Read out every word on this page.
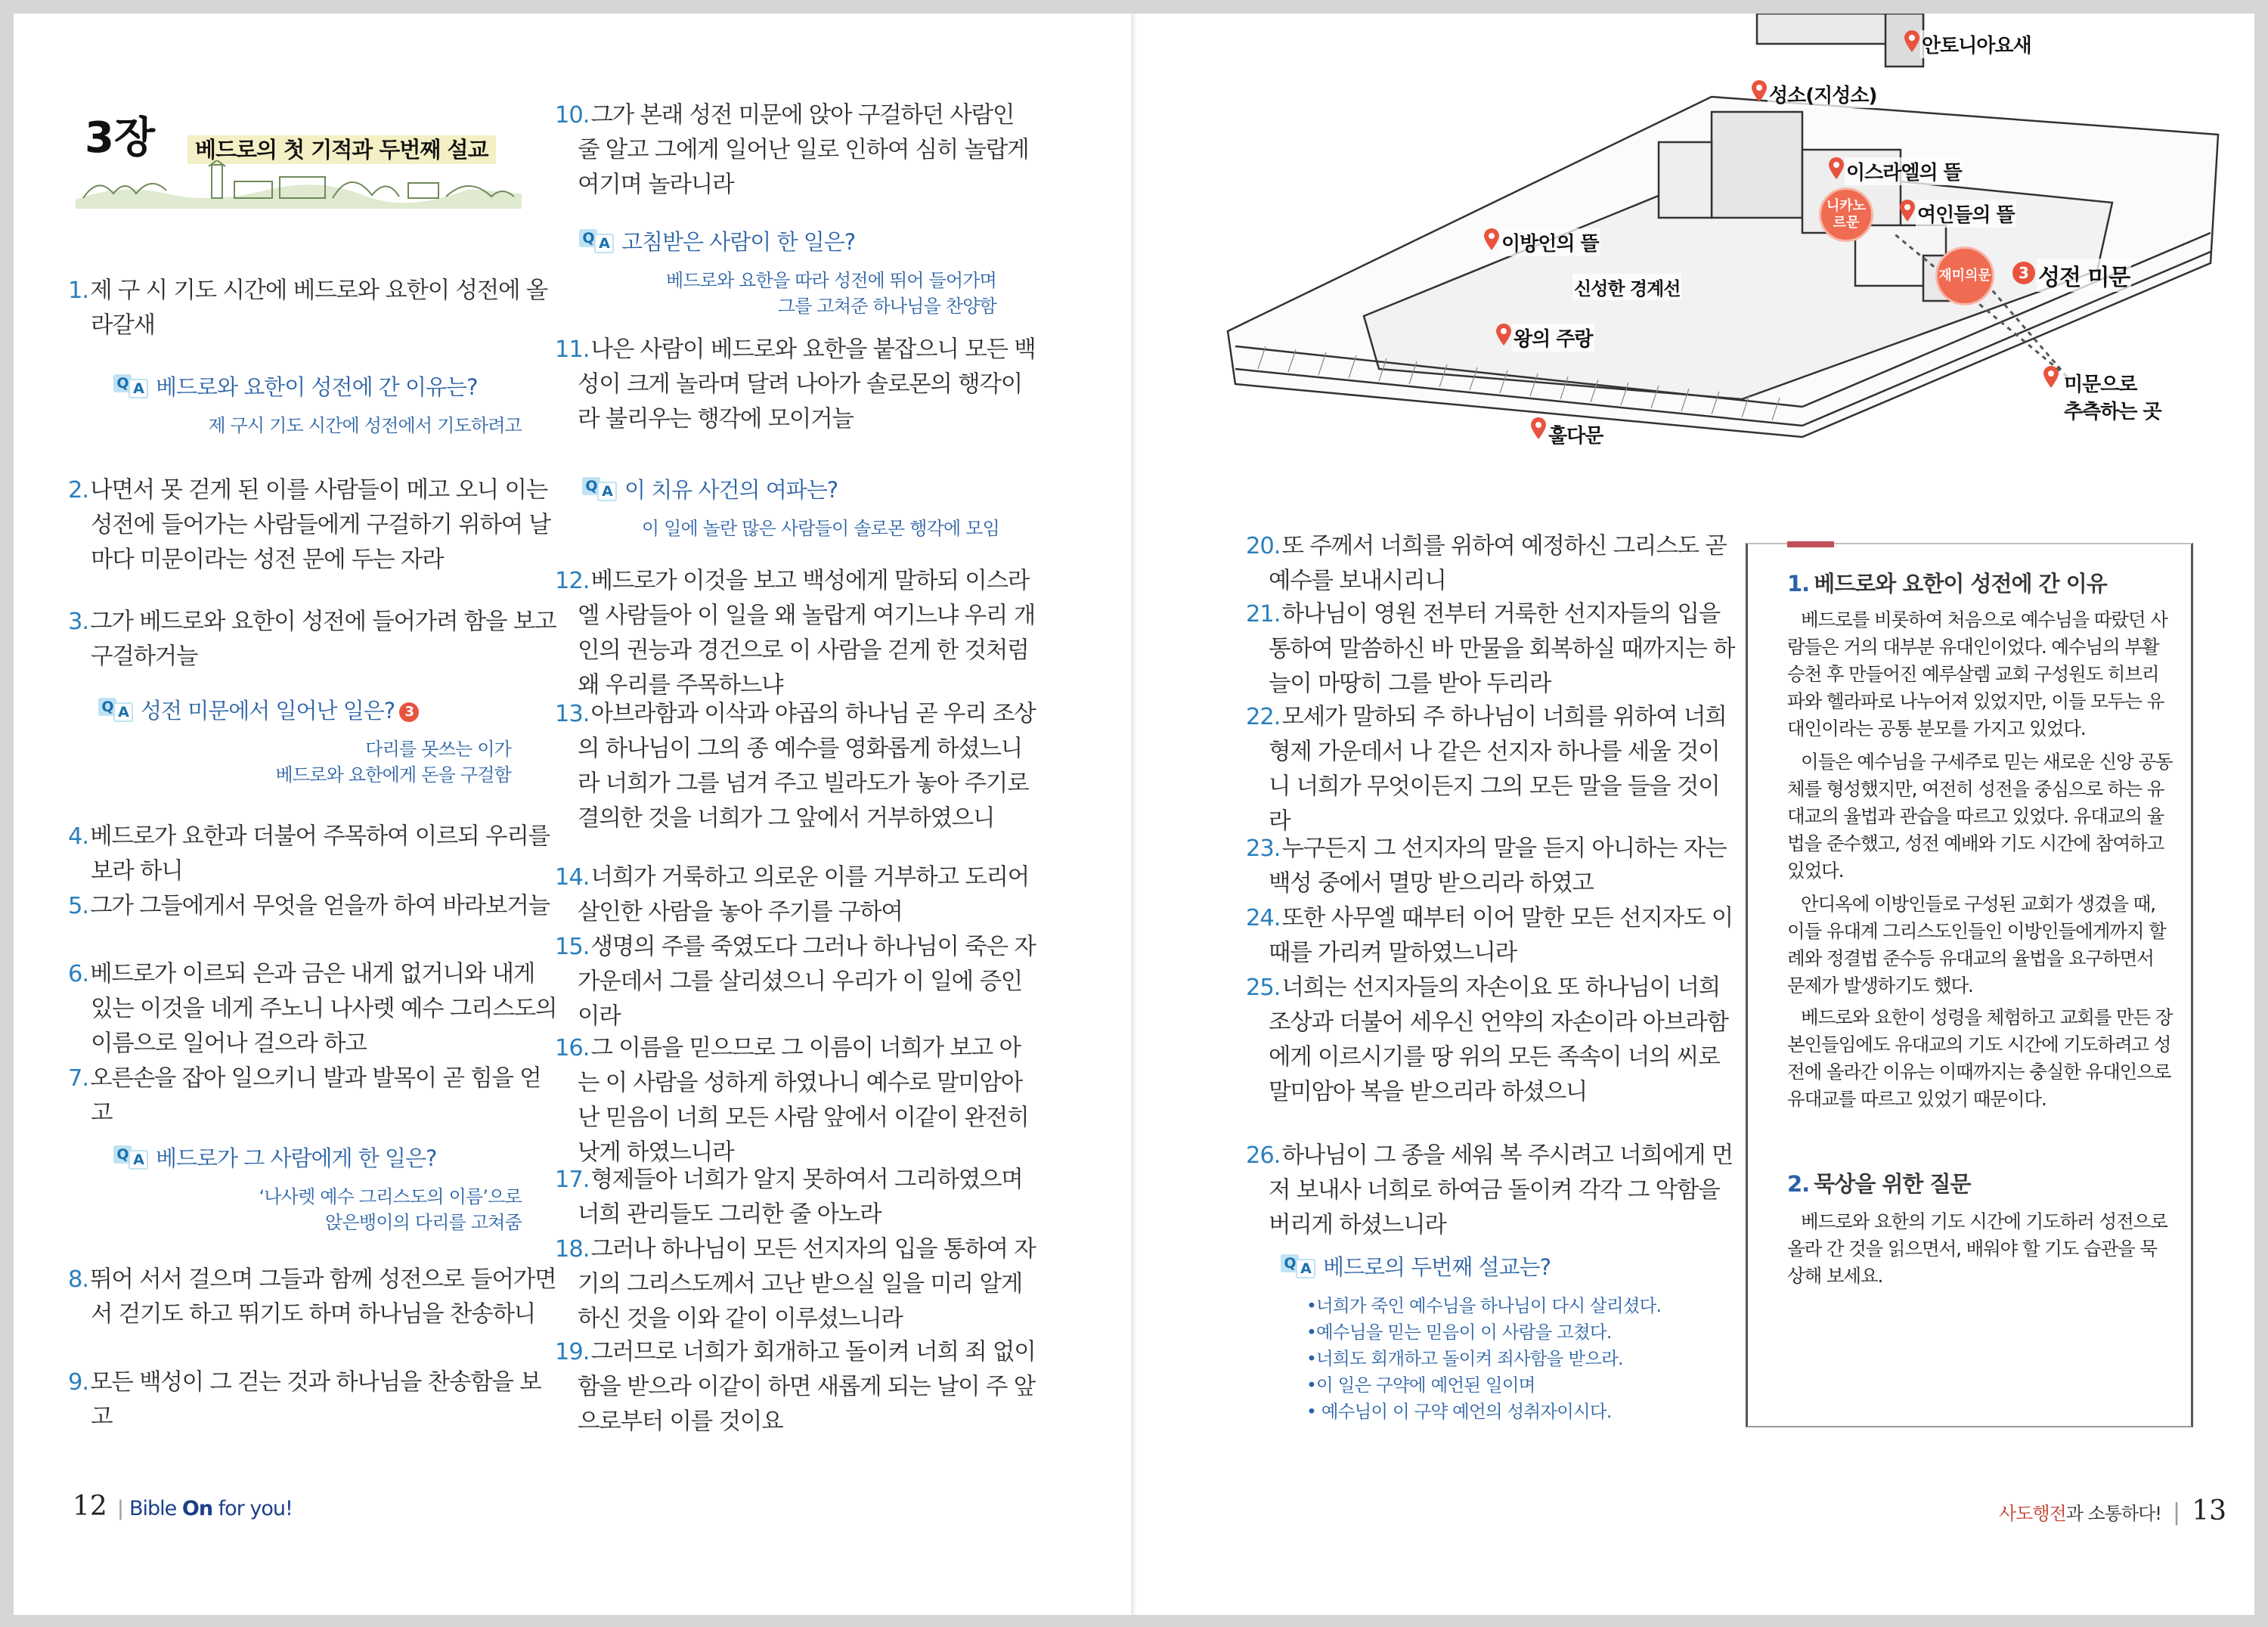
3장	베드로의 첫 기적과 두번째 설교
12 | Bible On for you!
안토니아요새
성소(지성소)
이스라엘의 뜰
니카노르문	여인들의 뜰
이방인의 뜰
신성한 경계선
재미의문	3 성전 미문
왕의 주랑
미문으로
추측하는 곳
훌다문
1. 베드로와 요한이 성전에 간 이유
베드로를 비롯하여 처음으로 예수님을 따랐던 사람들은 거의 대부분 유대인이었다. 예수님의 부활 승천 후 만들어진 예루살렘 교회 구성원도 히브리파와 헬라파로 나누어져 있었지만, 이들 모두는 유대인이라는 공통 분모를 가지고 있었다.
이들은 예수님을 구세주로 믿는 새로운 신앙 공동체를 형성했지만, 여전히 성전을 중심으로 하는 유대교의 율법과 관습을 따르고 있었다. 유대교의 율법을 준수했고, 성전 예배와 기도 시간에 참여하고 있었다.
안디옥에 이방인들로 구성된 교회가 생겼을 때, 이들 유대계 그리스도인들인 이방인들에게까지 할례와 정결법 준수등 유대교의 율법을 요구하면서 문제가 발생하기도 했다.
베드로와 요한이 성령을 체험하고 교회를 만든 장본인들임에도 유대교의 기도 시간에 기도하려고 성전에 올라간 이유는 이때까지는 충실한 유대인으로 유대교를 따르고 있었기 때문이다.
2. 묵상을 위한 질문
베드로와 요한의 기도 시간에 기도하러 성전으로 올라 간 것을 읽으면서, 배워야 할 기도 습관을 묵상해 보세요.
사도행전과 소통하다! | 13
1.제 구 시 기도 시간에 베드로와 요한이 성전에 올라갈새
2.나면서 못 걷게 된 이를 사람들이 메고 오니 이는 성전에 들어가는 사람들에게 구걸하기 위하여 날마다 미문이라는 성전 문에 두는 자라
3.그가 베드로와 요한이 성전에 들어가려 함을 보고 구걸하거늘
4.베드로가 요한과 더불어 주목하여 이르되 우리를 보라 하니
5.그가 그들에게서 무엇을 얻을까 하여 바라보거늘
6.베드로가 이르되 은과 금은 내게 없거니와 내게 있는 이것을 네게 주노니 나사렛 예수 그리스도의 이름으로 일어나 걸으라 하고
7.오른손을 잡아 일으키니 발과 발목이 곧 힘을 얻고
8.뛰어 서서 걸으며 그들과 함께 성전으로 들어가면서 걷기도 하고 뛰기도 하며 하나님을 찬송하니
9.모든 백성이 그 걷는 것과 하나님을 찬송함을 보고
Q A 베드로와 요한이 성전에 간 이유는?
제 구시 기도 시간에 성전에서 기도하려고
Q A 성전 미문에서 일어난 일은? 3
다리를 못쓰는 이가
베드로와 요한에게 돈을 구걸함
Q A 베드로가 그 사람에게 한 일은?
‘나사렛 예수 그리스도의 이름’으로
앉은뱅이의 다리를 고쳐줌
10.그가 본래 성전 미문에 앉아 구걸하던 사람인 줄 알고 그에게 일어난 일로 인하여 심히 놀랍게 여기며 놀라니라
11.나은 사람이 베드로와 요한을 붙잡으니 모든 백성이 크게 놀라며 달려 나아가 솔로몬의 행각이라 불리우는 행각에 모이거늘
12.베드로가 이것을 보고 백성에게 말하되 이스라엘 사람들아 이 일을 왜 놀랍게 여기느냐 우리 개인의 권능과 경건으로 이 사람을 걷게 한 것처럼 왜 우리를 주목하느냐
13.아브라함과 이삭과 야곱의 하나님 곧 우리 조상의 하나님이 그의 종 예수를 영화롭게 하셨느니라 너희가 그를 넘겨 주고 빌라도가 놓아 주기로 결의한 것을 너희가 그 앞에서 거부하였으니
14.너희가 거룩하고 의로운 이를 거부하고 도리어 살인한 사람을 놓아 주기를 구하여
15.생명의 주를 죽였도다 그러나 하나님이 죽은 자 가운데서 그를 살리셨으니 우리가 이 일에 증인이라
16.그 이름을 믿으므로 그 이름이 너희가 보고 아는 이 사람을 성하게 하였나니 예수로 말미암아 난 믿음이 너희 모든 사람 앞에서 이같이 완전히 낫게 하였느니라
17.형제들아 너희가 알지 못하여서 그리하였으며 너희 관리들도 그리한 줄 아노라
18.그러나 하나님이 모든 선지자의 입을 통하여 자기의 그리스도께서 고난 받으실 일을 미리 알게 하신 것을 이와 같이 이루셨느니라
19.그러므로 너희가 회개하고 돌이켜 너희 죄 없이 함을 받으라 이같이 하면 새롭게 되는 날이 주 앞으로부터 이를 것이요
Q A 고침받은 사람이 한 일은?
베드로와 요한을 따라 성전에 뛰어 들어가며
그를 고쳐준 하나님을 찬양함
Q A 이 치유 사건의 여파는?
이 일에 놀란 많은 사람들이 솔로몬 행각에 모임
20.또 주께서 너희를 위하여 예정하신 그리스도 곧 예수를 보내시리니
21.하나님이 영원 전부터 거룩한 선지자들의 입을 통하여 말씀하신 바 만물을 회복하실 때까지는 하늘이 마땅히 그를 받아 두리라
22.모세가 말하되 주 하나님이 너희를 위하여 너희 형제 가운데서 나 같은 선지자 하나를 세울 것이니 너희가 무엇이든지 그의 모든 말을 들을 것이라
23.누구든지 그 선지자의 말을 듣지 아니하는 자는 백성 중에서 멸망 받으리라 하였고
24.또한 사무엘 때부터 이어 말한 모든 선지자도 이 때를 가리켜 말하였느니라
25.너희는 선지자들의 자손이요 또 하나님이 너희 조상과 더불어 세우신 언약의 자손이라 아브라함에게 이르시기를 땅 위의 모든 족속이 너의 씨로 말미암아 복을 받으리라 하셨으니
26.하나님이 그 종을 세워 복 주시려고 너희에게 먼저 보내사 너희로 하여금 돌이켜 각각 그 악함을 버리게 하셨느니라
Q A 베드로의 두번째 설교는?
•너희가 죽인 예수님을 하나님이 다시 살리셨다.
•예수님을 믿는 믿음이 이 사람을 고쳤다.
•너희도 회개하고 돌이켜 죄사함을 받으라.
•이 일은 구약에 예언된 일이며
• 예수님이 이 구약 예언의 성취자이시다.
